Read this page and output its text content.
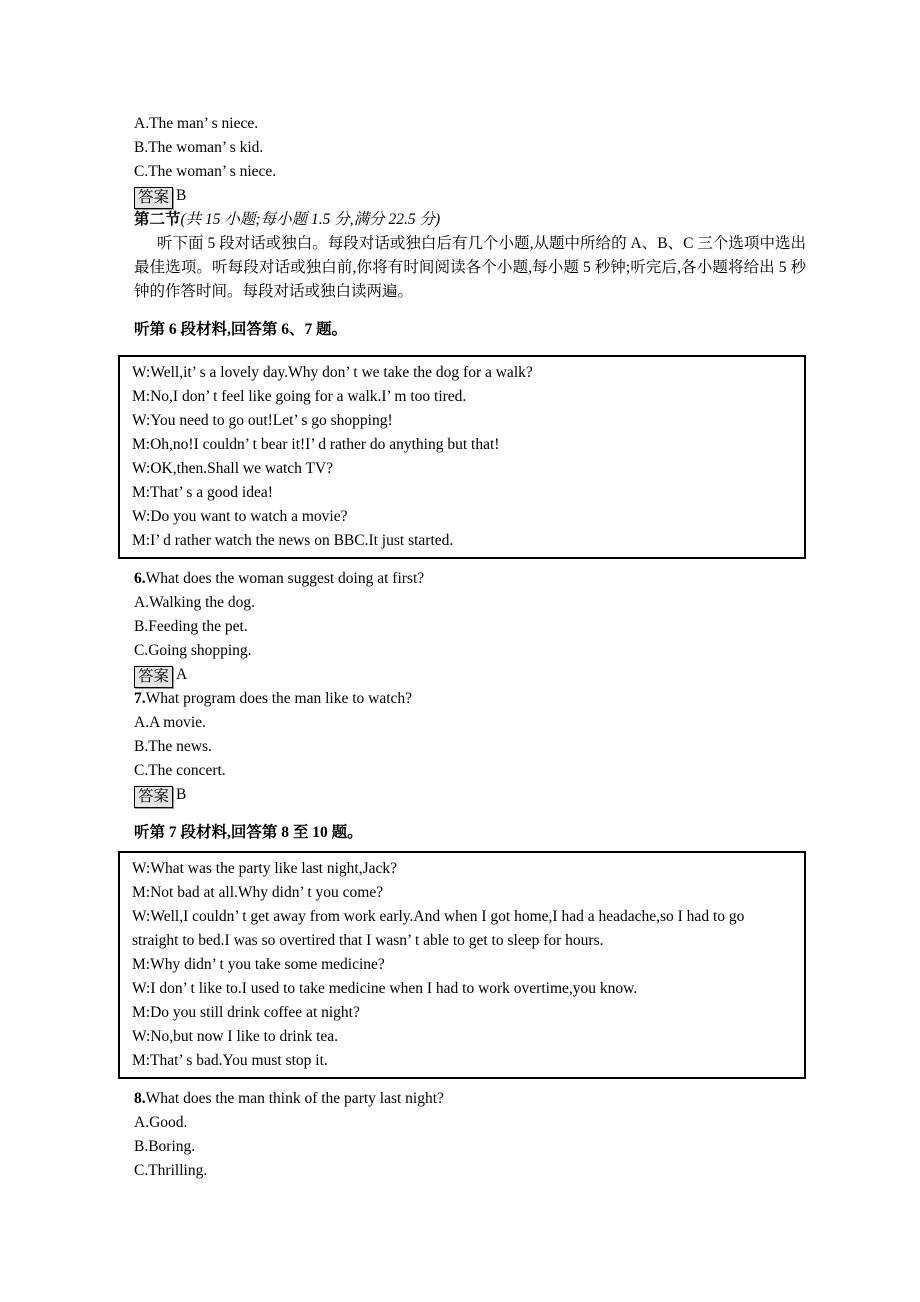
A.The man’ s niece.
B.The woman’ s kid.
C.The woman’ s niece.
答案 B
第二节(共 15 小题;每小题 1.5 分,满分 22.5 分)

听下面 5 段对话或独白。每段对话或独白后有几个小题,从题中所给的 A、B、C 三个选项中选出最佳选项。听每段对话或独白前,你将有时间阅读各个小题,每小题 5 秒钟;听完后,各小题将给出 5 秒钟的作答时间。每段对话或独白读两遍。

听第 6 段材料,回答第 6、7 题。
W:Well,it’ s a lovely day.Why don’ t we take the dog for a walk?
M:No,I don’ t feel like going for a walk.I’ m too tired.
W:You need to go out!Let’ s go shopping!
M:Oh,no!I couldn’ t bear it!I’ d rather do anything but that!
W:OK,then.Shall we watch TV?
M:That’ s a good idea!
W:Do you want to watch a movie?
M:I’ d rather watch the news on BBC.It just started.
6.What does the woman suggest doing at first?
A.Walking the dog.
B.Feeding the pet.
C.Going shopping.
答案 A
7.What program does the man like to watch?
A.A movie.
B.The news.
C.The concert.
答案 B
听第 7 段材料,回答第 8 至 10 题。
W:What was the party like last night,Jack?
M:Not bad at all.Why didn’ t you come?
W:Well,I couldn’ t get away from work early.And when I got home,I had a headache,so I had to go straight to bed.I was so overtired that I wasn’ t able to get to sleep for hours.
M:Why didn’ t you take some medicine?
W:I don’ t like to.I used to take medicine when I had to work overtime,you know.
M:Do you still drink coffee at night?
W:No,but now I like to drink tea.
M:That’ s bad.You must stop it.
8.What does the man think of the party last night?
A.Good.
B.Boring.
C.Thrilling.
